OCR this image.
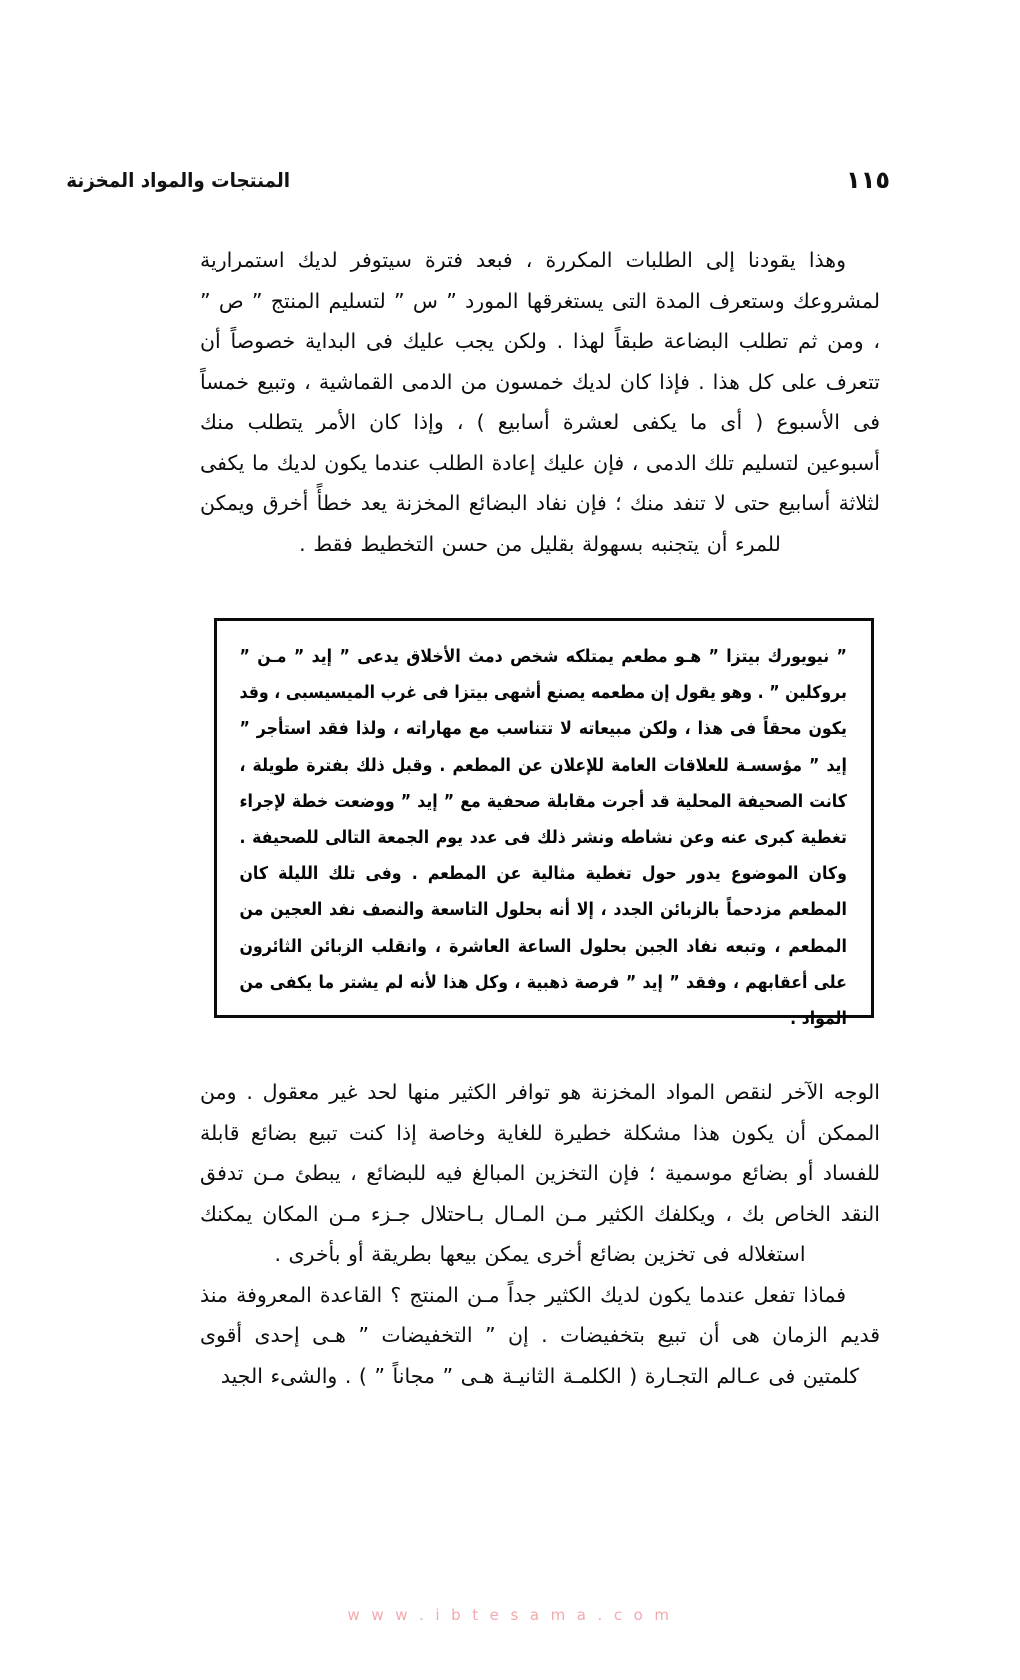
المنتجات والمواد المخزنة	١١٥

وهذا يقودنا إلى الطلبات المكررة ، فبعد فترة سيتوفر لديك استمرارية لمشروعك وستعرف المدة التى يستغرقها المورد ” س ” لتسليم المنتج ” ص ” ، ومن ثم تطلب البضاعة طبقاً لهذا . ولكن يجب عليك فى البداية خصوصاً أن تتعرف على كل هذا . فإذا كان لديك خمسون من الدمى القماشية ، وتبيع خمساً فى الأسبوع ( أى ما يكفى لعشرة أسابيع ) ، وإذا كان الأمر يتطلب منك أسبوعين لتسليم تلك الدمى ، فإن عليك إعادة الطلب عندما يكون لديك ما يكفى لثلاثة أسابيع حتى لا تنفد منك ؛ فإن نفاد البضائع المخزنة يعد خطأً أخرق ويمكن للمرء أن يتجنبه بسهولة بقليل من حسن التخطيط فقط .

” نيويورك بيتزا ” هـو مطعم يمتلكه شخص دمث الأخلاق يدعى ” إيد ” مـن ” بروكلين ” . وهو يقول إن مطعمه يصنع أشهى بيتزا فى غرب الميسيسبى ، وقد يكون محقاً فى هذا ، ولكن مبيعاته لا تتناسب مع مهاراته ، ولذا فقد استأجر ” إيد ” مؤسسـة للعلاقات العامة للإعلان عن المطعم . وقبل ذلك بفترة طويلة ، كانت الصحيفة المحلية قد أجرت مقابلة صحفية مع ” إيد ” ووضعت خطة لإجراء تغطية كبرى عنه وعن نشاطه ونشر ذلك فى عدد يوم الجمعة التالى للصحيفة . وكان الموضوع يدور حول تغطية مثالية عن المطعم . وفى تلك الليلة كان المطعم مزدحماً بالزبائن الجدد ، إلا أنه بحلول التاسعة والنصف نفد العجين من المطعم ، وتبعه نفاد الجبن بحلول الساعة العاشرة ، وانقلب الزبائن الثائرون على أعقابهم ، وفقد ” إيد ” فرصة ذهبية ، وكل هذا لأنه لم يشتر ما يكفى من المواد .

الوجه الآخر لنقص المواد المخزنة هو توافر الكثير منها لحد غير معقول . ومن الممكن أن يكون هذا مشكلة خطيرة للغاية وخاصة إذا كنت تبيع بضائع قابلة للفساد أو بضائع موسمية ؛ فإن التخزين المبالغ فيه للبضائع ، يبطئ مـن تدفق النقد الخاص بك ، ويكلفك الكثير مـن المـال بـاحتلال جـزء مـن المكان يمكنك استغلاله فى تخزين بضائع أخرى يمكن بيعها بطريقة أو بأخرى .

فماذا تفعل عندما يكون لديك الكثير جداً مـن المنتج ؟ القاعدة المعروفة منذ قديم الزمان هى أن تبيع بتخفيضات . إن ” التخفيضات ” هـى إحدى أقوى كلمتين فى عـالم التجـارة ( الكلمـة الثانيـة هـى ” مجاناً ” ) . والشىء الجيد

w w w . i b t e s a m a . c o m
